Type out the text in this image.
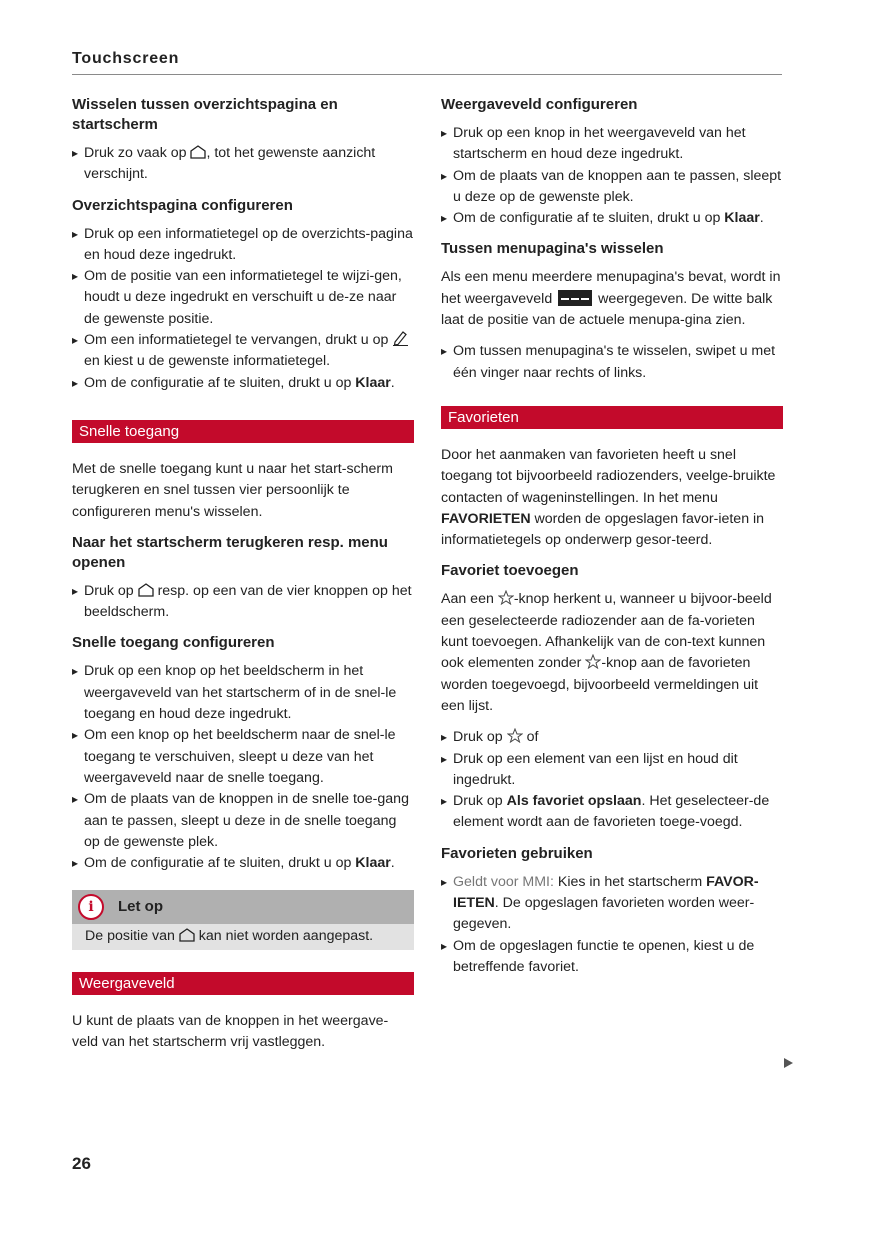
Touchscreen
Wisselen tussen overzichtspagina en startscherm
▸ Druk zo vaak op , tot het gewenste aanzicht verschijnt.
Overzichtspagina configureren
▸ Druk op een informatietegel op de overzichts-pagina en houd deze ingedrukt.
▸ Om de positie van een informatietegel te wijzi-gen, houdt u deze ingedrukt en verschuift u de-ze naar de gewenste positie.
▸ Om een informatietegel te vervangen, drukt u op  en kiest u de gewenste informatietegel.
▸ Om de configuratie af te sluiten, drukt u op Klaar.
Snelle toegang

Met de snelle toegang kunt u naar het start-scherm terugkeren en snel tussen vier persoonlijk te configureren menu's wisselen.

Naar het startscherm terugkeren resp. menu openen
▸ Druk op  resp. op een van de vier knoppen op het beeldscherm.
Snelle toegang configureren
▸ Druk op een knop op het beeldscherm in het weergaveveld van het startscherm of in de snel-le toegang en houd deze ingedrukt.
▸ Om een knop op het beeldscherm naar de snel-le toegang te verschuiven, sleept u deze van het weergaveveld naar de snelle toegang.
▸ Om de plaats van de knoppen in de snelle toe-gang aan te passen, sleept u deze in de snelle toegang op de gewenste plek.
▸ Om de configuratie af te sluiten, drukt u op Klaar.
i	Let op
De positie van  kan niet worden aangepast.
Weergaveveld

U kunt de plaats van de knoppen in het weergave-veld van het startscherm vrij vastleggen.

Weergaveveld configureren
▸ Druk op een knop in het weergaveveld van het startscherm en houd deze ingedrukt.
▸ Om de plaats van de knoppen aan te passen, sleept u deze op de gewenste plek.
▸ Om de configuratie af te sluiten, drukt u op Klaar.
Tussen menupagina's wisselen

Als een menu meerdere menupagina's bevat, wordt in het weergaveveld	weergegeven. De witte balk laat de positie van de actuele menupa-gina zien.

▸ Om tussen menupagina's te wisselen, swipet u met één vinger naar rechts of links.
Favorieten

Door het aanmaken van favorieten heeft u snel toegang tot bijvoorbeeld radiozenders, veelge-bruikte contacten of wageninstellingen. In het menu FAVORIETEN worden de opgeslagen favor-ieten in informatietegels op onderwerp gesor-teerd.

Favoriet toevoegen

Aan een -knop herkent u, wanneer u bijvoor-beeld een geselecteerde radiozender aan de fa-vorieten kunt toevoegen. Afhankelijk van de con-text kunnen ook elementen zonder -knop aan de favorieten worden toegevoegd, bijvoorbeeld vermeldingen uit een lijst.

▸ Druk op  of
▸ Druk op een element van een lijst en houd dit ingedrukt.
▸ Druk op Als favoriet opslaan. Het geselecteer-de element wordt aan de favorieten toege-voegd.
Favorieten gebruiken
▸ Geldt voor MMI: Kies in het startscherm FAVOR-IETEN. De opgeslagen favorieten worden weer-gegeven.
▸ Om de opgeslagen functie te openen, kiest u de betreffende favoriet.
26
